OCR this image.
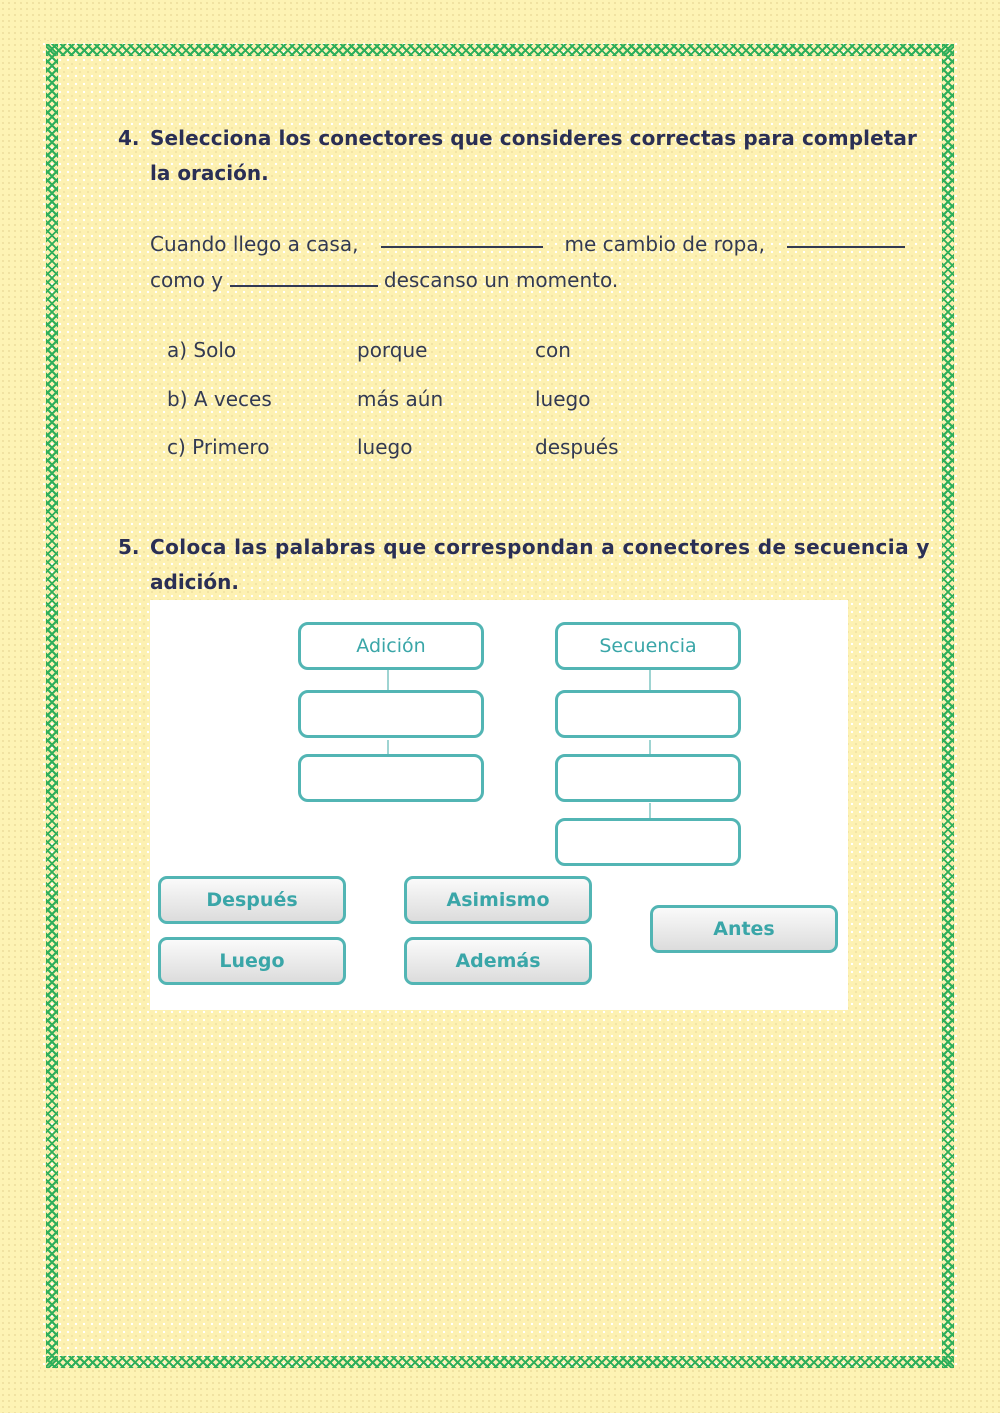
4. Selecciona los conectores que consideres correctas para completar
la oración.
Cuando llego a casa,	me cambio de ropa,
como y	descanso un momento.
a) Solo	porque	con
b) A veces	más aún	luego
c) Primero	luego	después
5. Coloca las palabras que correspondan a conectores de secuencia y
adición.
Adición	Secuencia
Después
Luego
Asimismo
Además
Antes
